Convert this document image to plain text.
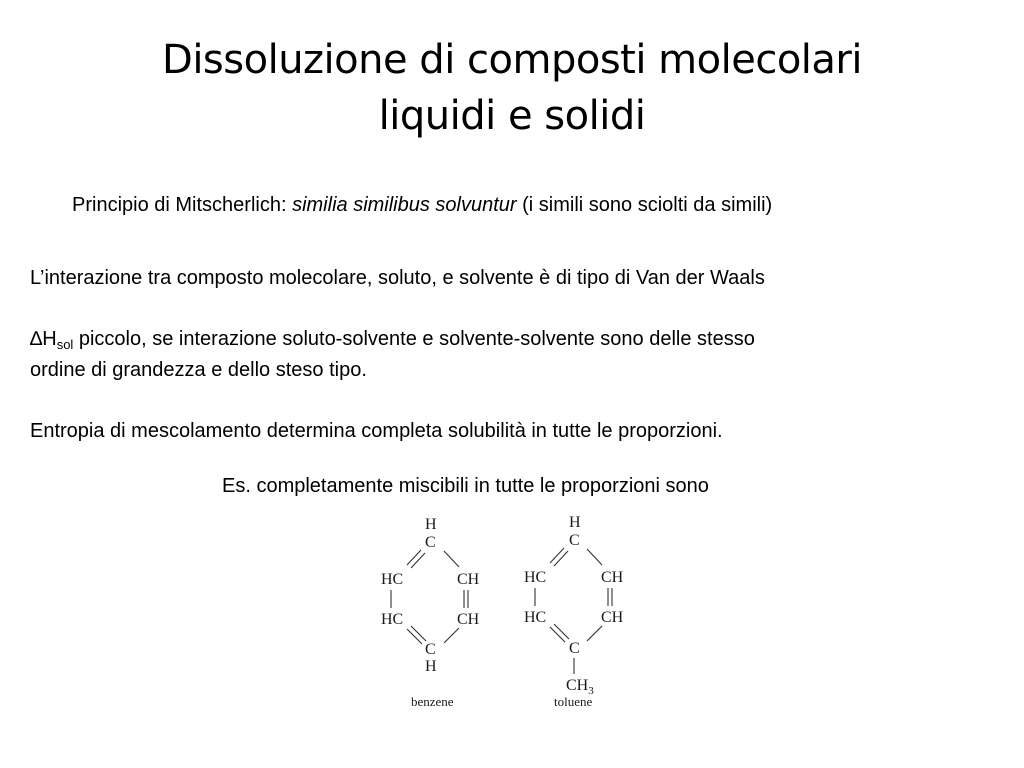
Dissoluzione di composti molecolari
liquidi e solidi
Principio di Mitscherlich: similia similibus solvuntur (i simili sono sciolti da simili)
L’interazione tra composto molecolare, soluto, e solvente è di tipo di Van der Waals
$\Delta H_{sol}$ piccolo, se interazione soluto-solvente e solvente-solvente sono delle stesso
ordine di grandezza e dello steso tipo.
Entropia di mescolamento determina completa solubilità in tutte le proporzioni.
Es. completamente miscibili in tutte le proporzioni sono
H
C
HC	CH
HC	CH
C
H
benzene
H
C
HC	CH
HC	CH
C
$CH_3$
toluene
